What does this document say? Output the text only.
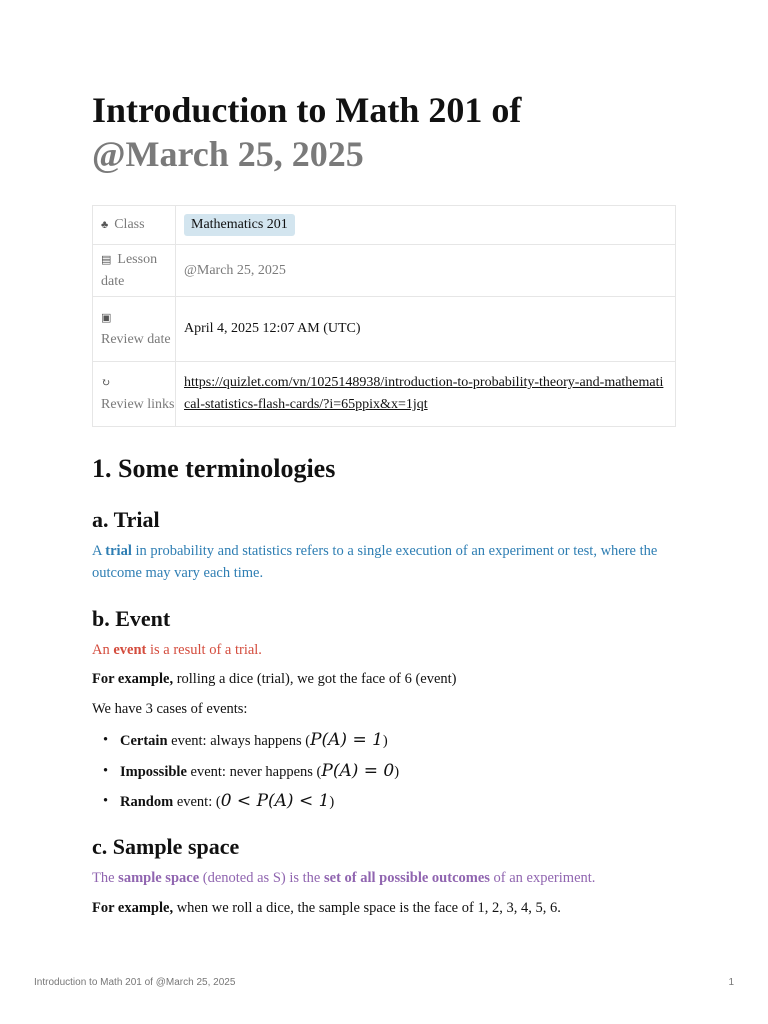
Introduction to Math 201 of
@March 25, 2025
♣ Class	Mathematics 201
▤ Lesson date	@March 25, 2025
▣
Review date	April 4, 2025 12:07 AM (UTC)
↻
Review links	https://quizlet.com/vn/1025148938/introduction-to-probability-theory-and-mathematical-statistics-flash-cards/?i=65ppix&x=1jqt
1. Some terminologies
a. Trial

A trial in probability and statistics refers to a single execution of an experiment or test, where the outcome may vary each time.

b. Event

An event is a result of a trial.

For example, rolling a dice (trial), we got the face of 6 (event)

We have 3 cases of events:

• Certain event: always happens (P(A) = 1)
• Impossible event: never happens (P(A) = 0)
• Random event: (0 < P(A) < 1)
c. Sample space

The sample space (denoted as S) is the set of all possible outcomes of an experiment.

For example, when we roll a dice, the sample space is the face of 1, 2, 3, 4, 5, 6.

Introduction to Math 201 of @March 25, 2025	1
